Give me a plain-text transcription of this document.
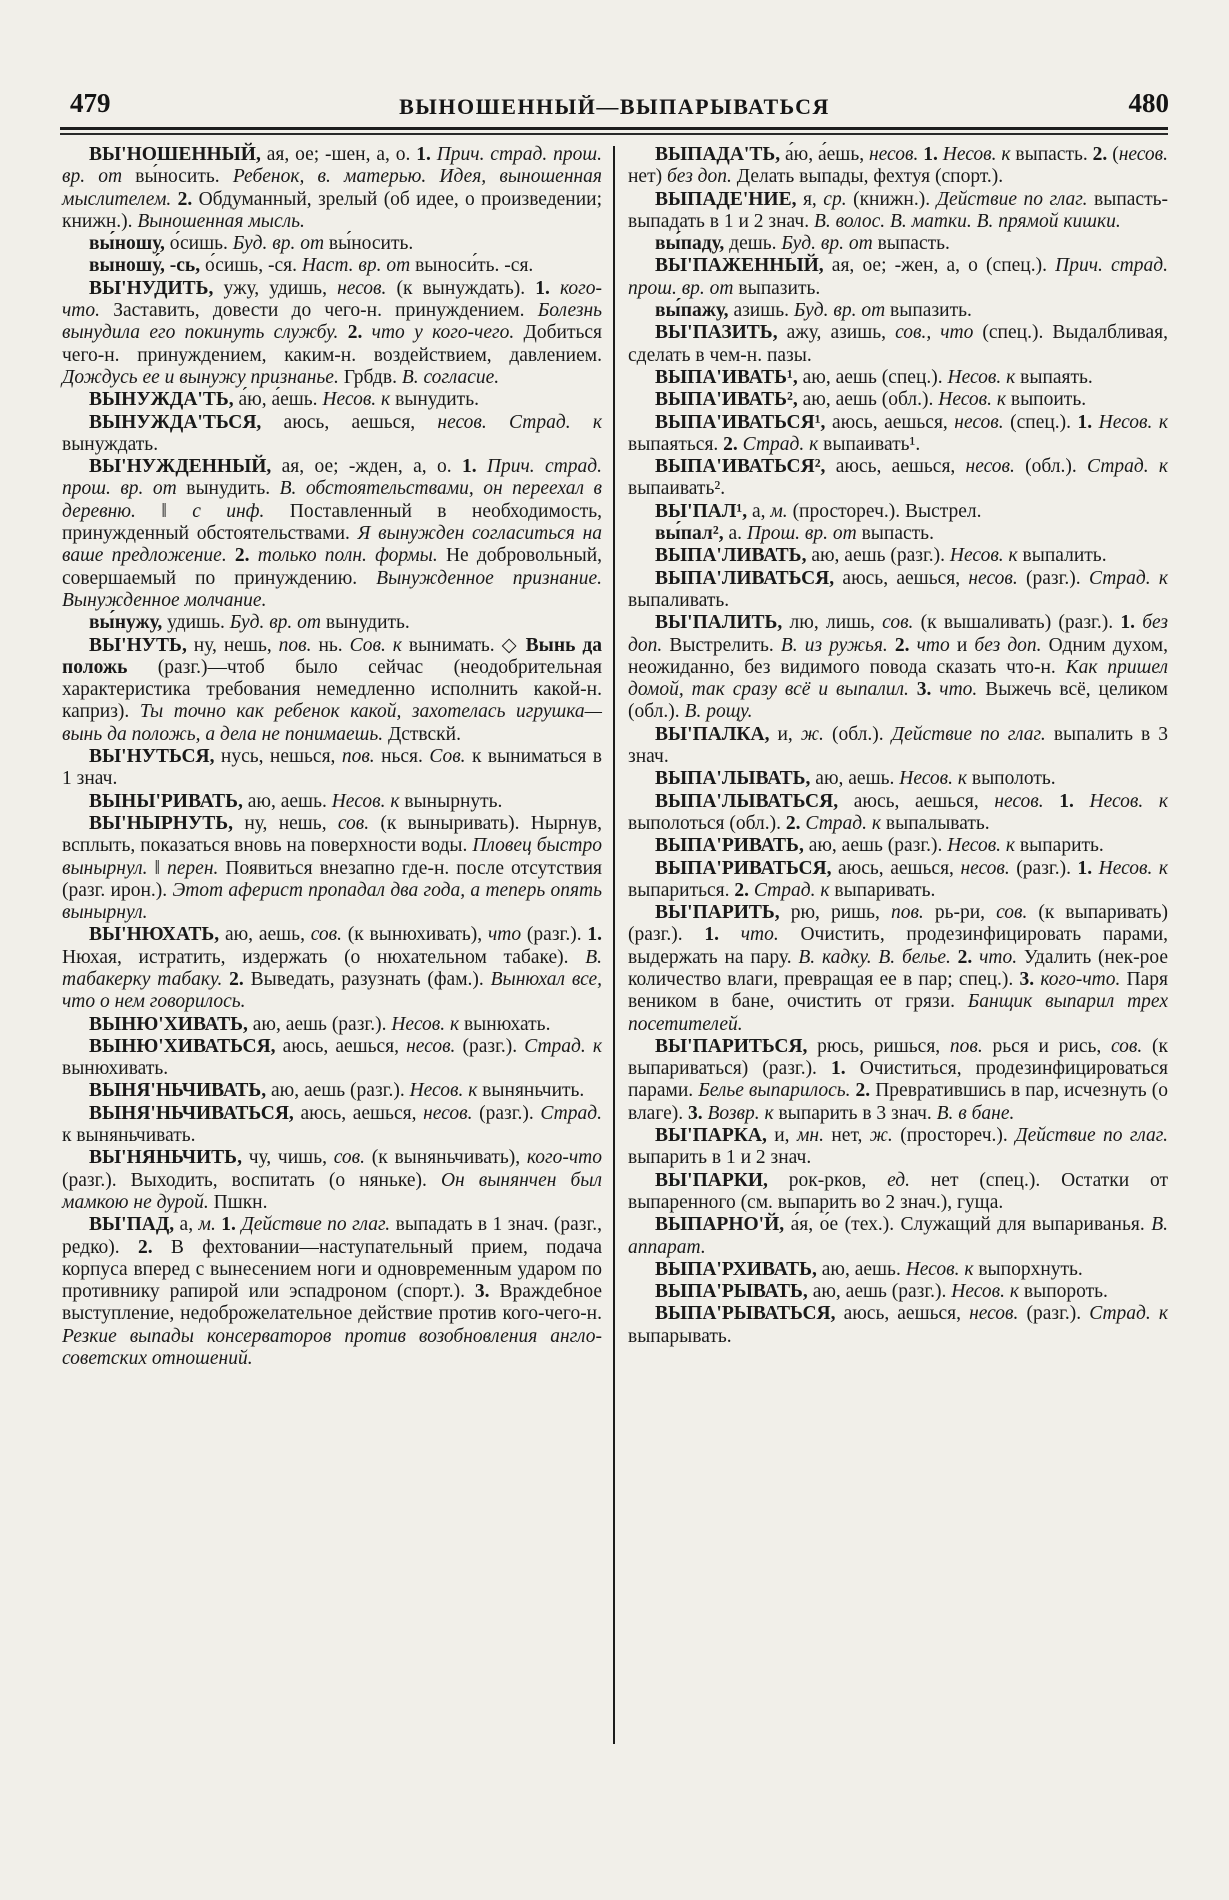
479	ВЫНОШЕННЫЙ—ВЫПАРЫВАТЬСЯ	480

ВЫ'НОШЕННЫЙ, ая, ое; -шен, а, о. 1. Прич. страд. прош. вр. от вы́носить. Ребенок, в. матерью. Идея, выношенная мыслителем. 2. Обдуманный, зрелый (об идее, о произведении; книжн.). Выношенная мысль.

вы́ношу, о́сишь. Буд. вр. от вы́носить.

выношу́, -сь, о́сишь, -ся. Наст. вр. от выноси́ть. -ся.

ВЫ'НУДИТЬ, ужу, удишь, несов. (к вынуждать). 1. кого-что. Заставить, довести до чего-н. принуждением. Болезнь вынудила его покинуть службу. 2. что у кого-чего. Добиться чего-н. принуждением, каким-н. воздействием, давлением. Дождусь ее и вынужу признанье. Грбдв. В. согласие.

ВЫНУЖДА'ТЬ, а́ю, а́ешь. Несов. к вынудить.

ВЫНУЖДА'ТЬСЯ, аюсь, аешься, несов. Страд. к вынуждать.

ВЫ'НУЖДЕННЫЙ, ая, ое; -жден, а, о. 1. Прич. страд. прош. вр. от вынудить. В. обстоятельствами, он переехал в деревню. ‖ с инф. Поставленный в необходимость, принужденный обстоятельствами. Я вынужден согласиться на ваше предложение. 2. только полн. формы. Не добровольный, совершаемый по принуждению. Вынужденное признание. Вынужденное молчание.

вы́нужу, удишь. Буд. вр. от вынудить.

ВЫ'НУТЬ, ну, нешь, пов. нь. Сов. к вынимать. ◇ Вынь да положь (разг.)—чтоб было сейчас (неодобрительная характеристика требования немедленно исполнить какой-н. каприз). Ты точно как ребенок какой, захотелась игрушка—вынь да положь, а дела не понимаешь. Дствскй.

ВЫ'НУТЬСЯ, нусь, нешься, пов. нься. Сов. к выниматься в 1 знач.

ВЫНЫ'РИВАТЬ, аю, аешь. Несов. к вынырнуть.

ВЫ'НЫРНУТЬ, ну, нешь, сов. (к выныривать). Нырнув, всплыть, показаться вновь на поверхности воды. Пловец быстро вынырнул. ‖ перен. Появиться внезапно где-н. после отсутствия (разг. ирон.). Этот аферист пропадал два года, а теперь опять вынырнул.

ВЫ'НЮХАТЬ, аю, аешь, сов. (к вынюхивать), что (разг.). 1. Нюхая, истратить, издержать (о нюхательном табаке). В. табакерку табаку. 2. Выведать, разузнать (фам.). Вынюхал все, что о нем говорилось.

ВЫНЮ'ХИВАТЬ, аю, аешь (разг.). Несов. к вынюхать.

ВЫНЮ'ХИВАТЬСЯ, аюсь, аешься, несов. (разг.). Страд. к вынюхивать.

ВЫНЯ'НЬЧИВАТЬ, аю, аешь (разг.). Несов. к выняньчить.

ВЫНЯ'НЬЧИВАТЬСЯ, аюсь, аешься, несов. (разг.). Страд. к выняньчивать.

ВЫ'НЯНЬЧИТЬ, чу, чишь, сов. (к выняньчивать), кого-что (разг.). Выходить, воспитать (о няньке). Он вынянчен был мамкою не дурой. Пшкн.

ВЫ'ПАД, а, м. 1. Действие по глаг. выпадать в 1 знач. (разг., редко). 2. В фехтовании—наступательный прием, подача корпуса вперед с вынесением ноги и одновременным ударом по противнику рапирой или эспадроном (спорт.). 3. Враждебное выступление, недоброжелательное действие против кого-чего-н. Резкие выпады консерваторов против возобновления англо-советских отношений.

ВЫПАДА'ТЬ, а́ю, а́ешь, несов. 1. Несов. к выпасть. 2. (несов. нет) без доп. Делать выпады, фехтуя (спорт.).

ВЫПАДЕ'НИЕ, я, ср. (книжн.). Действие по глаг. выпасть-выпадать в 1 и 2 знач. В. волос. В. матки. В. прямой кишки.

вы́паду, дешь. Буд. вр. от выпасть.

ВЫ'ПАЖЕННЫЙ, ая, ое; -жен, а, о (спец.). Прич. страд. прош. вр. от выпазить.

вы́пажу, азишь. Буд. вр. от выпазить.

ВЫ'ПАЗИТЬ, ажу, азишь, сов., что (спец.). Выдалбливая, сделать в чем-н. пазы.

ВЫПА'ИВАТЬ¹, аю, аешь (спец.). Несов. к выпаять.

ВЫПА'ИВАТЬ², аю, аешь (обл.). Несов. к выпоить.

ВЫПА'ИВАТЬСЯ¹, аюсь, аешься, несов. (спец.). 1. Несов. к выпаяться. 2. Страд. к выпаивать¹.

ВЫПА'ИВАТЬСЯ², аюсь, аешься, несов. (обл.). Страд. к выпаивать².

ВЫ'ПАЛ¹, а, м. (простореч.). Выстрел.

вы́пал², а. Прош. вр. от выпасть.

ВЫПА'ЛИВАТЬ, аю, аешь (разг.). Несов. к выпалить.

ВЫПА'ЛИВАТЬСЯ, аюсь, аешься, несов. (разг.). Страд. к выпаливать.

ВЫ'ПАЛИТЬ, лю, лишь, сов. (к вышаливать) (разг.). 1. без доп. Выстрелить. В. из ружья. 2. что и без доп. Одним духом, неожиданно, без видимого повода сказать что-н. Как пришел домой, так сразу всё и выпалил. 3. что. Выжечь всё, целиком (обл.). В. рощу.

ВЫ'ПАЛКА, и, ж. (обл.). Действие по глаг. выпалить в 3 знач.

ВЫПА'ЛЫВАТЬ, аю, аешь. Несов. к выполоть.

ВЫПА'ЛЫВАТЬСЯ, аюсь, аешься, несов. 1. Несов. к выполоться (обл.). 2. Страд. к выпалывать.

ВЫПА'РИВАТЬ, аю, аешь (разг.). Несов. к выпарить.

ВЫПА'РИВАТЬСЯ, аюсь, аешься, несов. (разг.). 1. Несов. к выпариться. 2. Страд. к выпаривать.

ВЫ'ПАРИТЬ, рю, ришь, пов. рь-ри, сов. (к выпаривать) (разг.). 1. что. Очистить, продезинфицировать парами, выдержать на пару. В. кадку. В. белье. 2. что. Удалить (нек-рое количество влаги, превращая ее в пар; спец.). 3. кого-что. Паря веником в бане, очистить от грязи. Банщик выпарил трех посетителей.

ВЫ'ПАРИТЬСЯ, рюсь, ришься, пов. рься и рись, сов. (к выпариваться) (разг.). 1. Очиститься, продезинфицироваться парами. Белье выпарилось. 2. Превратившись в пар, исчезнуть (о влаге). 3. Возвр. к выпарить в 3 знач. В. в бане.

ВЫ'ПАРКА, и, мн. нет, ж. (простореч.). Действие по глаг. выпарить в 1 и 2 знач.

ВЫ'ПАРКИ, рок-рков, ед. нет (спец.). Остатки от выпаренного (см. выпарить во 2 знач.), гуща.

ВЫПАРНО'Й, а́я, о́е (тех.). Служащий для выпариванья. В. аппарат.

ВЫПА'РХИВАТЬ, аю, аешь. Несов. к выпорхнуть.

ВЫПА'РЫВАТЬ, аю, аешь (разг.). Несов. к выпороть.

ВЫПА'РЫВАТЬСЯ, аюсь, аешься, несов. (разг.). Страд. к выпарывать.
